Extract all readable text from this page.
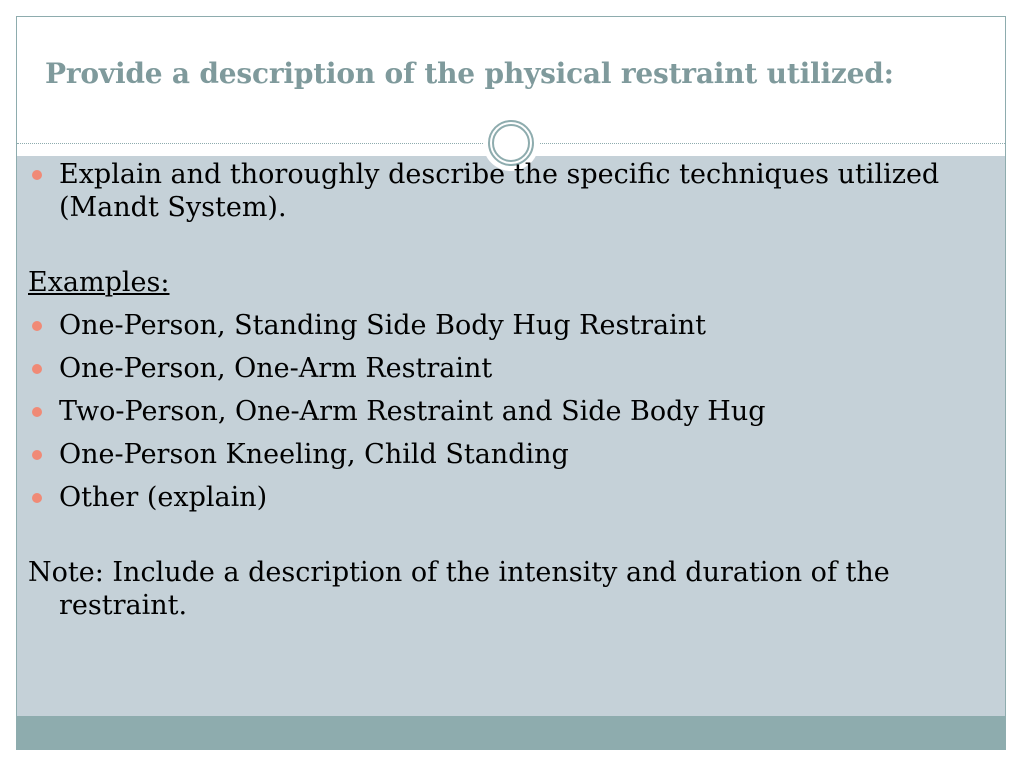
Provide a description of the physical restraint utilized:
Explain and thoroughly describe the specific techniques utilized (Mandt System).
Examples:
One-Person, Standing Side Body Hug Restraint
One-Person, One-Arm Restraint
Two-Person, One-Arm Restraint and Side Body Hug
One-Person Kneeling, Child Standing
Other (explain)

Note: Include a description of the intensity and duration of the restraint.
